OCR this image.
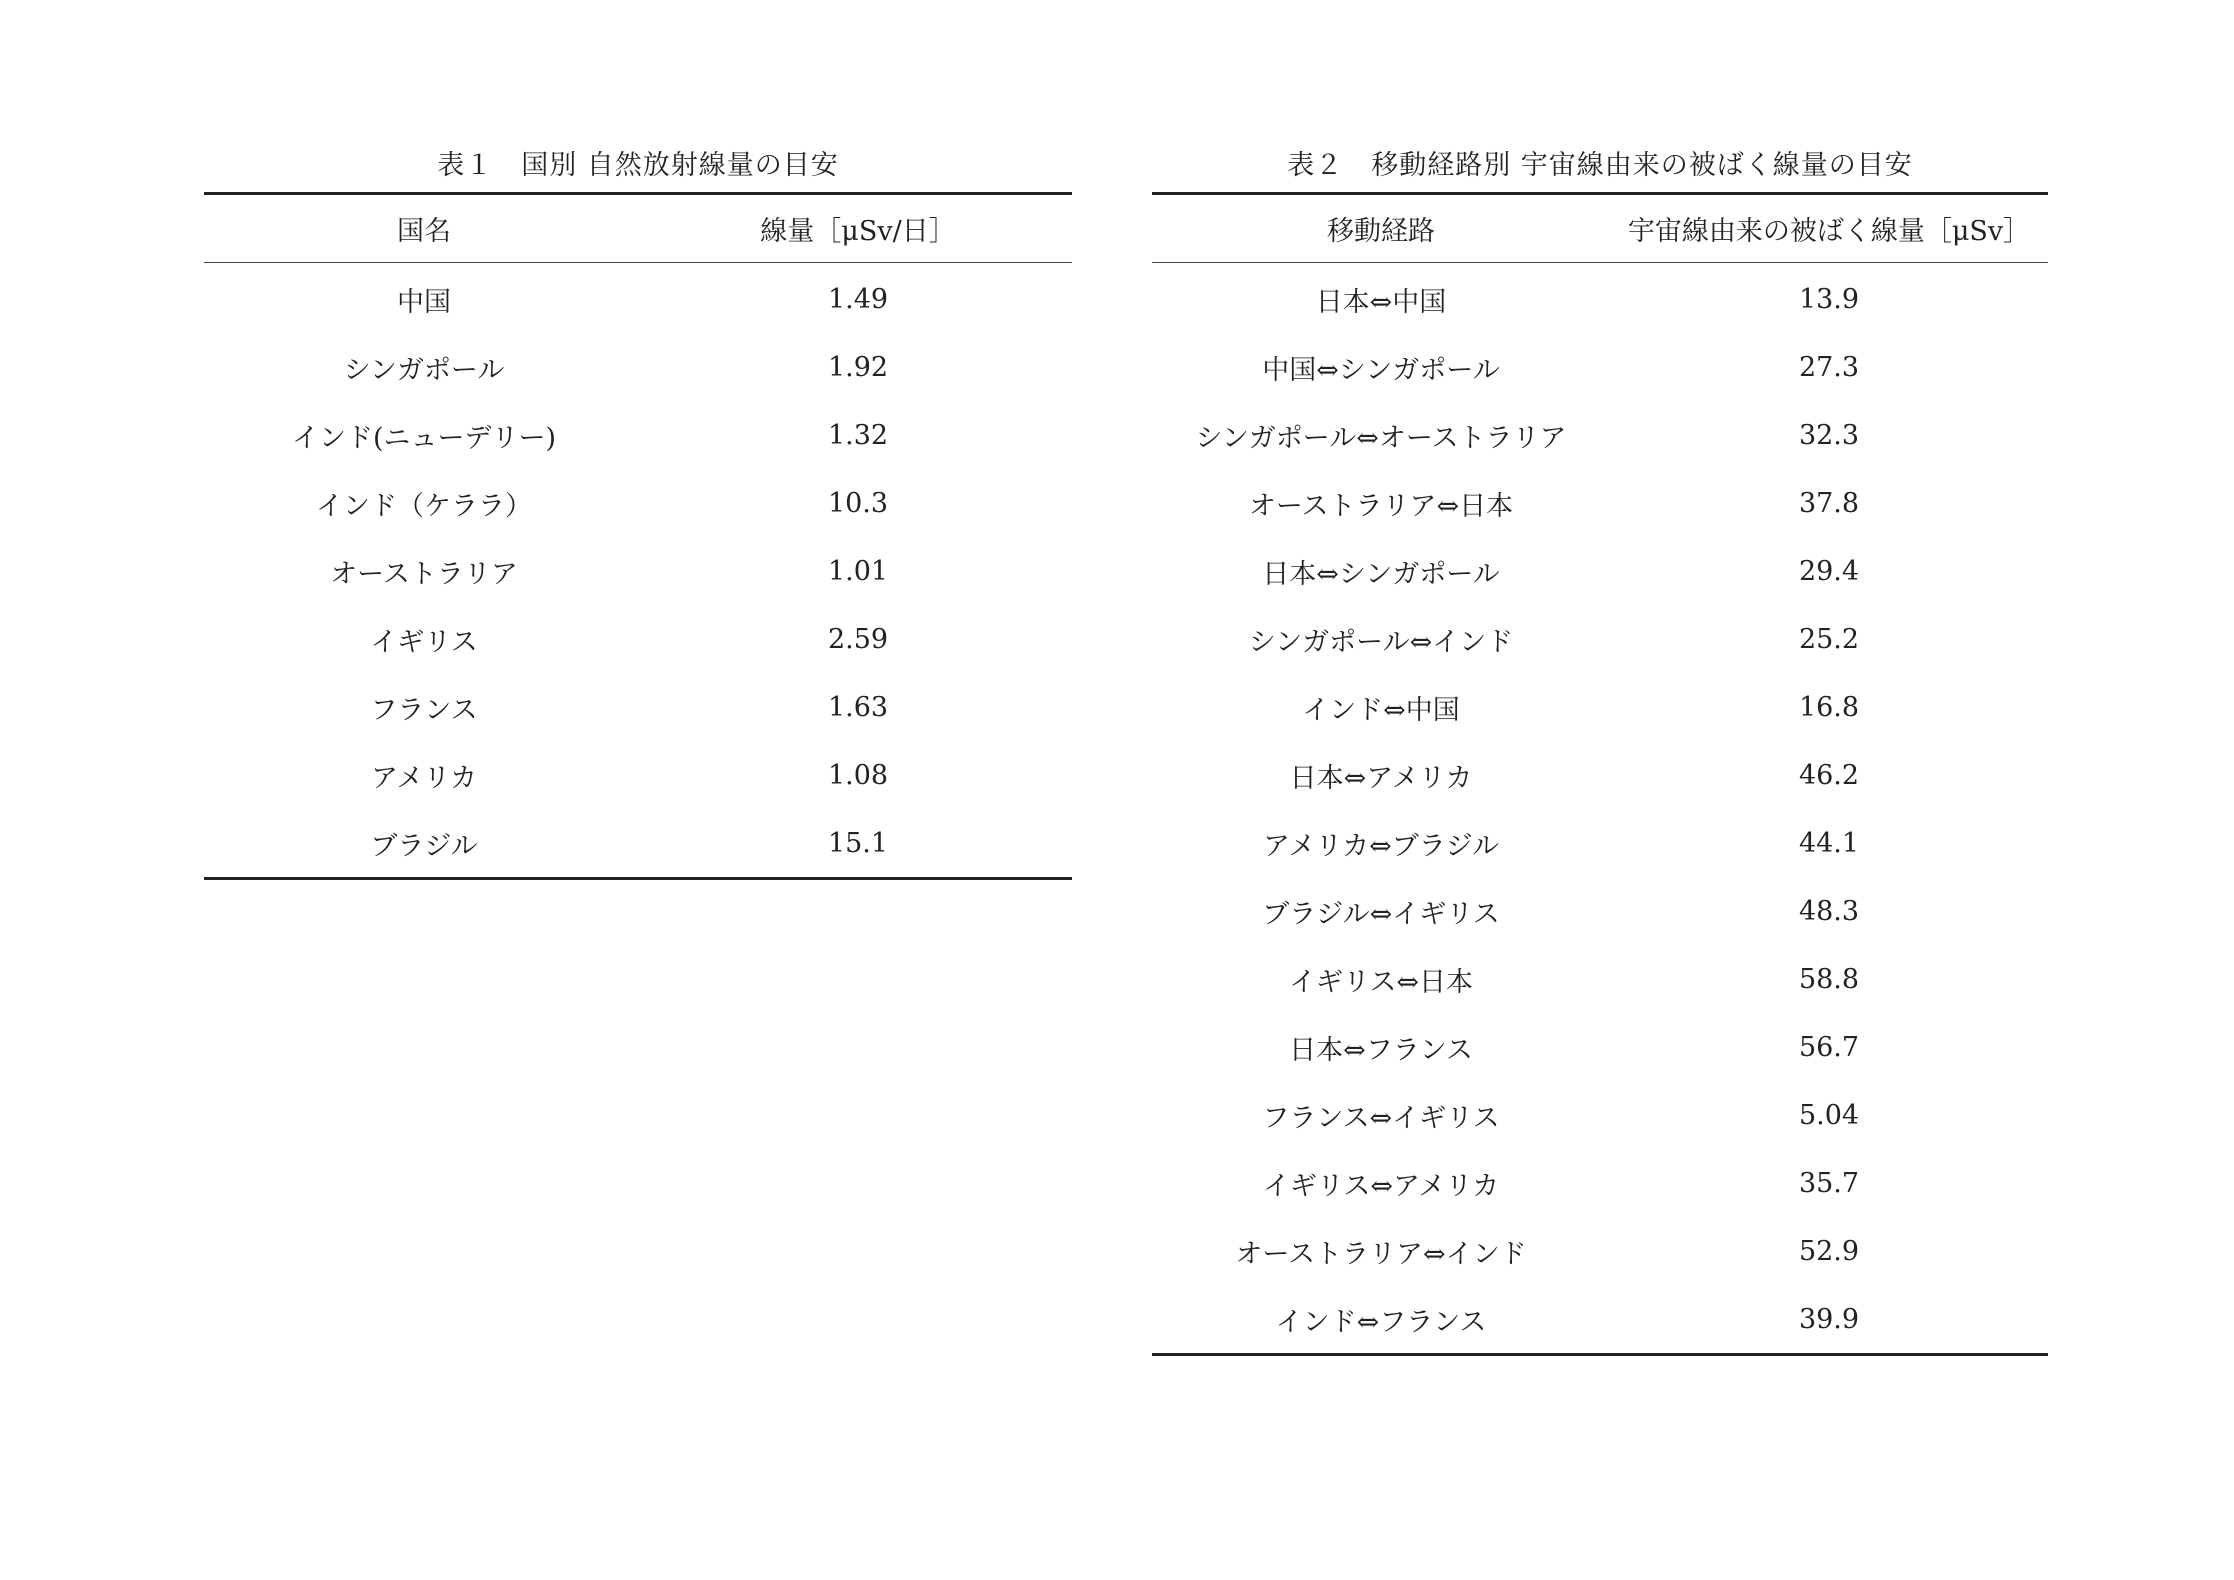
表１　国別 自然放射線量の目安
国名	線量［μSv/日］
中国	1.49
シンガポール	1.92
インド(ニューデリー)	1.32
インド（ケララ）	10.3
オーストラリア	1.01
イギリス	2.59
フランス	1.63
アメリカ	1.08
ブラジル	15.1
表２　移動経路別 宇宙線由来の被ばく線量の目安
移動経路	宇宙線由来の被ばく線量［μSv］
日本⇔中国	13.9
中国⇔シンガポール	27.3
シンガポール⇔オーストラリア	32.3
オーストラリア⇔日本	37.8
日本⇔シンガポール	29.4
シンガポール⇔インド	25.2
インド⇔中国	16.8
日本⇔アメリカ	46.2
アメリカ⇔ブラジル	44.1
ブラジル⇔イギリス	48.3
イギリス⇔日本	58.8
日本⇔フランス	56.7
フランス⇔イギリス	5.04
イギリス⇔アメリカ	35.7
オーストラリア⇔インド	52.9
インド⇔フランス	39.9
